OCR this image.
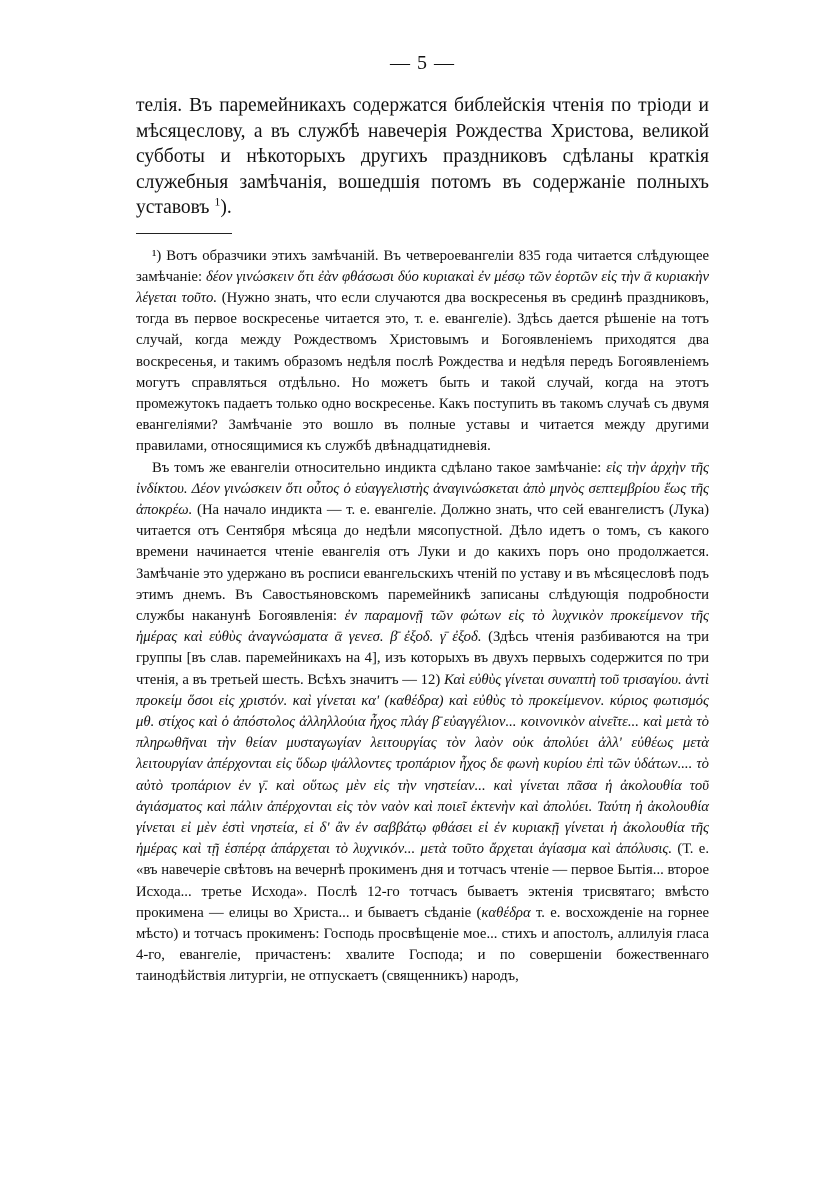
— 5 —

телія. Въ паремейникахъ содержатся библейскія чтенія по тріоди и мѣсяцеслову, а въ службѣ навечерія Рождества Христова, великой субботы и нѣкоторыхъ другихъ праздниковъ сдѣланы краткія служебныя замѣчанія, вошедшія потомъ въ содержаніе полныхъ уставовъ $^1$).

¹) Вотъ образчики этихъ замѣчаній. Въ четвероевангеліи 835 года читается слѣдующее замѣчаніе: δέον γινώσκειν ὅτι ἐὰν φθάσωσι δύο κυριακαὶ ἐν μέσῳ τῶν ἑορτῶν εἰς τὴν ᾱ κυριακὴν λέγεται τοῦτο. (Нужно знать, что если случаются два воскресенья въ срединѣ праздниковъ, тогда въ первое воскресенье читается это, т. е. евангеліе). Здѣсь дается рѣшеніе на тотъ случай, когда между Рождествомъ Христовымъ и Богоявленіемъ приходятся два воскресенья, и такимъ образомъ недѣля послѣ Рождества и недѣля передъ Богоявленіемъ могутъ справляться отдѣльно. Но можетъ быть и такой случай, когда на этотъ промежутокъ падаетъ только одно воскресенье. Какъ поступить въ такомъ случаѣ съ двумя евангеліями? Замѣчаніе это вошло въ полные уставы и читается между другими правилами, относящимися къ службѣ двѣнадцатидневія.

Въ томъ же евангеліи относительно индикта сдѣлано такое замѣчаніе: εἰς τὴν ἀρχὴν τῆς ἰνδίκτου. Δέον γινώσκειν ὅτι οὗτος ὁ εὐαγγελιστὴς ἀναγινώσκεται ἀπὸ μηνὸς σεπτεμβρίου ἕως τῆς ἀποκρέω. (На начало индикта — т. е. евангеліе. Должно знать, что сей евангелистъ (Лука) читается отъ Сентября мѣсяца до недѣли мясопустной. Дѣло идетъ о томъ, съ какого времени начинается чтеніе евангелія отъ Луки и до какихъ поръ оно продолжается. Замѣчаніе это удержано въ росписи евангельскихъ чтеній по уставу и въ мѣсяцесловѣ подъ этимъ днемъ. Въ Савостьяновскомъ паремейникѣ записаны слѣдующія подробности службы наканунѣ Богоявленія: ἐν παραμονῇ τῶν φώτων εἰς τὸ λυχνικὸν προκείμενον τῆς ἡμέρας καὶ εὐθὺς ἀναγνώσματα ᾱ γενεσ. β̄ ἐξοδ. γ̄ ἐξοδ. (Здѣсь чтенія разбиваются на три группы [въ слав. паремейникахъ на 4], изъ которыхъ въ двухъ первыхъ содержится по три чтенія, а въ третьей шесть. Всѣхъ значитъ — 12) Καὶ εὐθὺς γίνεται συναπτὴ τοῦ τρισαγίου. ἀντὶ προκείμ ὅσοι εἰς χριστόν. καὶ γίνεται καʹ (καθέδρα) καὶ εὐθὺς τὸ προκείμενον. κύριος φωτισμός μθ. στίχος καὶ ὁ ἀπόστολος ἀλληλλούια ἦχος πλάγ β̄ εὐαγγέλιον... κοινονικὸν αἰνεῖτε... καὶ μετὰ τὸ πληρωθῆναι τὴν θείαν μυσταγωγίαν λειτουργίας τὸν λαὸν οὐκ ἀπολύει ἀλλ' εὐθέως μετὰ λειτουργίαν ἀπέρχονται εἰς ὕδωρ ψάλλοντες τροπάριον ἦχος δε φωνὴ κυρίου ἐπὶ τῶν ὑδάτων.... τὸ αὐτὸ τροπάριον ἐν γ̄. καὶ οὕτως μὲν εἰς τὴν νηστείαν... καὶ γίνεται πᾶσα ἡ ἀκολουθία τοῦ ἁγιάσματος καὶ πάλιν ἀπέρχονται εἰς τὸν ναὸν καὶ ποιεῖ ἐκτενὴν καὶ ἀπολύει. Ταύτη ἡ ἀκολουθία γίνεται εἰ μὲν ἐστὶ νηστεία, εἰ δ' ἂν ἐν σαββάτῳ φθάσει εἰ ἐν κυριακῇ γίνεται ἡ ἀκολουθία τῆς ἡμέρας καὶ τῇ ἑσπέρᾳ ἀπάρχεται τὸ λυχνικόν... μετὰ τοῦτο ἄρχεται ἁγίασμα καὶ ἀπόλυσις. (Т. е. «въ навечеріе свѣтовъ на вечернѣ прокименъ дня и тотчасъ чтеніе — первое Бытія... второе Исхода... третье Исхода». Послѣ 12-го тотчасъ бываетъ эктенія трисвятаго; вмѣсто прокимена — елицы во Христа... и бываетъ сѣданіе (καθέδρα т. е. восхожденіе на горнее мѣсто) и тотчасъ прокименъ: Господь просвѣщеніе мое... стихъ и апостолъ, аллилуія гласа 4-го, евангеліе, причастенъ: хвалите Господа; и по совершеніи божественнаго таинодѣйствія литургіи, не отпускаетъ (священникъ) народъ,
